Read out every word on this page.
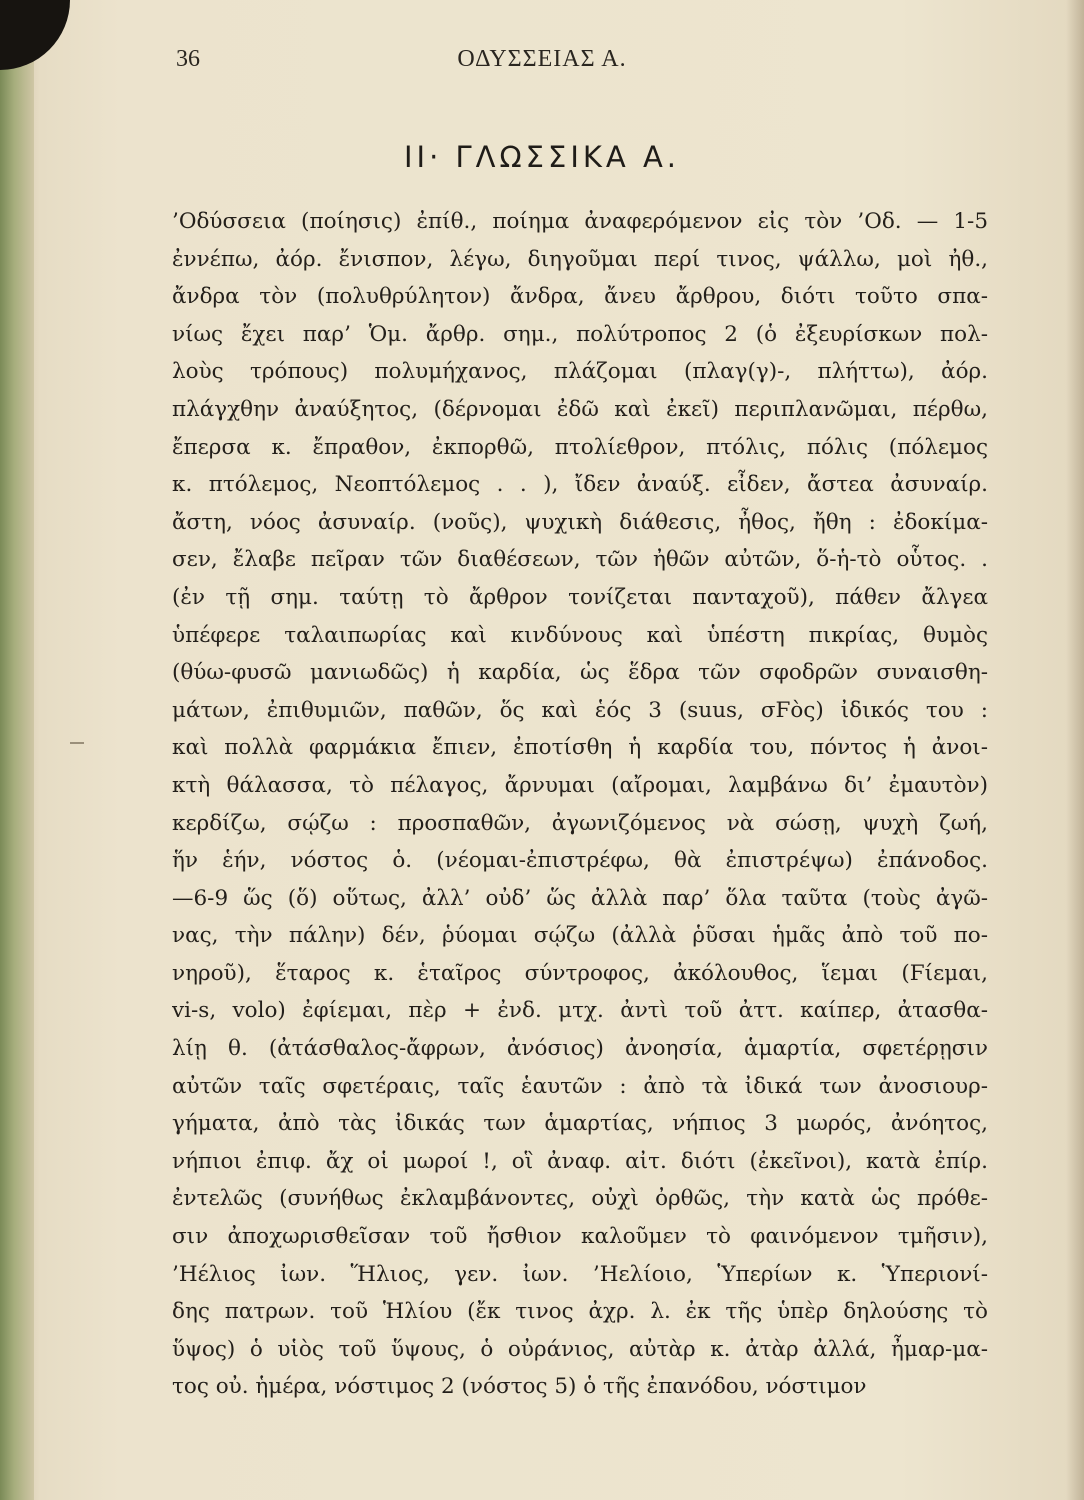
ΟΔΥΣΣΕΙΑΣ Α.
36
ΙΙ· ΓΛΩΣΣΙΚΑ Α.
’Οδύσσεια (ποίησις) ἐπίθ., ποίημα ἀναφερόμενον εἰς τὸν ’Οδ. — 1-5
ἐννέπω, ἀόρ. ἔνισπον, λέγω, διηγοῦμαι περί τινος, ψάλλω, μοὶ ἠθ.,
ἄνδρα τὸν (πολυθρύλητον) ἄνδρα, ἄνευ ἄρθρου, διότι τοῦτο σπα-
νίως ἔχει παρ’ Ὁμ. ἄρθρ. σημ., πολύτροπος 2 (ὁ ἐξευρίσκων πολ-
λοὺς τρόπους) πολυμήχανος, πλάζομαι (πλαγ(γ)-, πλήττω), ἀόρ.
πλάγχθην ἀναύξητος, (δέρνομαι ἐδῶ καὶ ἐκεῖ) περιπλανῶμαι, πέρθω,
ἔπερσα κ. ἔπραθον, ἐκπορθῶ, πτολίεθρον, πτόλις, πόλις (πόλεμος
κ. πτόλεμος, Νεοπτόλεμος . . ), ἴδεν ἀναύξ. εἶδεν, ἄστεα ἀσυναίρ.
ἄστη, νόος ἀσυναίρ. (νοῦς), ψυχικὴ διάθεσις, ἦθος, ἤθη : ἐδοκίμα-
σεν, ἔλαβε πεῖραν τῶν διαθέσεων, τῶν ἠθῶν αὐτῶν, ὅ-ἡ-τὸ οὗτος. .
(ἐν τῇ σημ. ταύτῃ τὸ ἄρθρον τονίζεται πανταχοῦ), πάθεν ἄλγεα
ὑπέφερε ταλαιπωρίας καὶ κινδύνους καὶ ὑπέστη πικρίας, θυμὸς
(θύω-φυσῶ μανιωδῶς) ἡ καρδία, ὡς ἕδρα τῶν σφοδρῶν συναισθη-
μάτων, ἐπιθυμιῶν, παθῶν, ὅς καὶ ἑός 3 (suus, σϜὸς) ἰδικός του :
καὶ πολλὰ φαρμάκια ἔπιεν, ἐποτίσθη ἡ καρδία του, πόντος ἡ ἀνοι-
κτὴ θάλασσα, τὸ πέλαγος, ἄρνυμαι (αἴρομαι, λαμβάνω δι’ ἐμαυτὸν)
κερδίζω, σῴζω : προσπαθῶν, ἀγωνιζόμενος νὰ σώσῃ, ψυχὴ ζωή,
ἥν ἑήν, νόστος ὁ. (νέομαι-ἐπιστρέφω, θὰ ἐπιστρέψω) ἐπάνοδος.
—6-9 ὥς (ὅ) οὕτως, ἀλλ’ οὐδ’ ὥς ἀλλὰ παρ’ ὅλα ταῦτα (τοὺς ἀγῶ-
νας, τὴν πάλην) δέν, ῥύομαι σῴζω (ἀλλὰ ῥῦσαι ἡμᾶς ἀπὸ τοῦ πο-
νηροῦ), ἕταρος κ. ἑταῖρος σύντροφος, ἀκόλουθος, ἵεμαι (Ϝίεμαι,
vi-s, volo) ἐφίεμαι, πὲρ + ἐνδ. μτχ. ἀντὶ τοῦ ἀττ. καίπερ, ἀτασθα-
λίῃ θ. (ἀτάσθαλος-ἄφρων, ἀνόσιος) ἀνοησία, ἁμαρτία, σφετέρῃσιν
αὐτῶν ταῖς σφετέραις, ταῖς ἑαυτῶν : ἀπὸ τὰ ἰδικά των ἀνοσιουρ-
γήματα, ἀπὸ τὰς ἰδικάς των ἁμαρτίας, νήπιος 3 μωρός, ἀνόητος,
νήπιοι ἐπιφ. ἄχ οἱ μωροί !, οἳ ἀναφ. αἰτ. διότι (ἐκεῖνοι), κατὰ ἐπίρ.
ἐντελῶς (συνήθως ἐκλαμβάνοντες, οὐχὶ ὀρθῶς, τὴν κατὰ ὡς πρόθε-
σιν ἀποχωρισθεῖσαν τοῦ ἤσθιον καλοῦμεν τὸ φαινόμενον τμῆσιν),
’Ηέλιος ἰων. Ἥλιος, γεν. ἰων. ’Ηελίοιο, Ὑπερίων κ. Ὑπεριονί-
δης πατρων. τοῦ Ἡλίου (ἔκ τινος ἀχρ. λ. ἐκ τῆς ὑπὲρ δηλούσης τὸ
ὕψος) ὁ υἱὸς τοῦ ὕψους, ὁ οὐράνιος, αὐτὰρ κ. ἀτὰρ ἀλλά, ἦμαρ-μα-
τος οὐ. ἡμέρα, νόστιμος 2 (νόστος 5) ὁ τῆς ἐπανόδου, νόστιμον
